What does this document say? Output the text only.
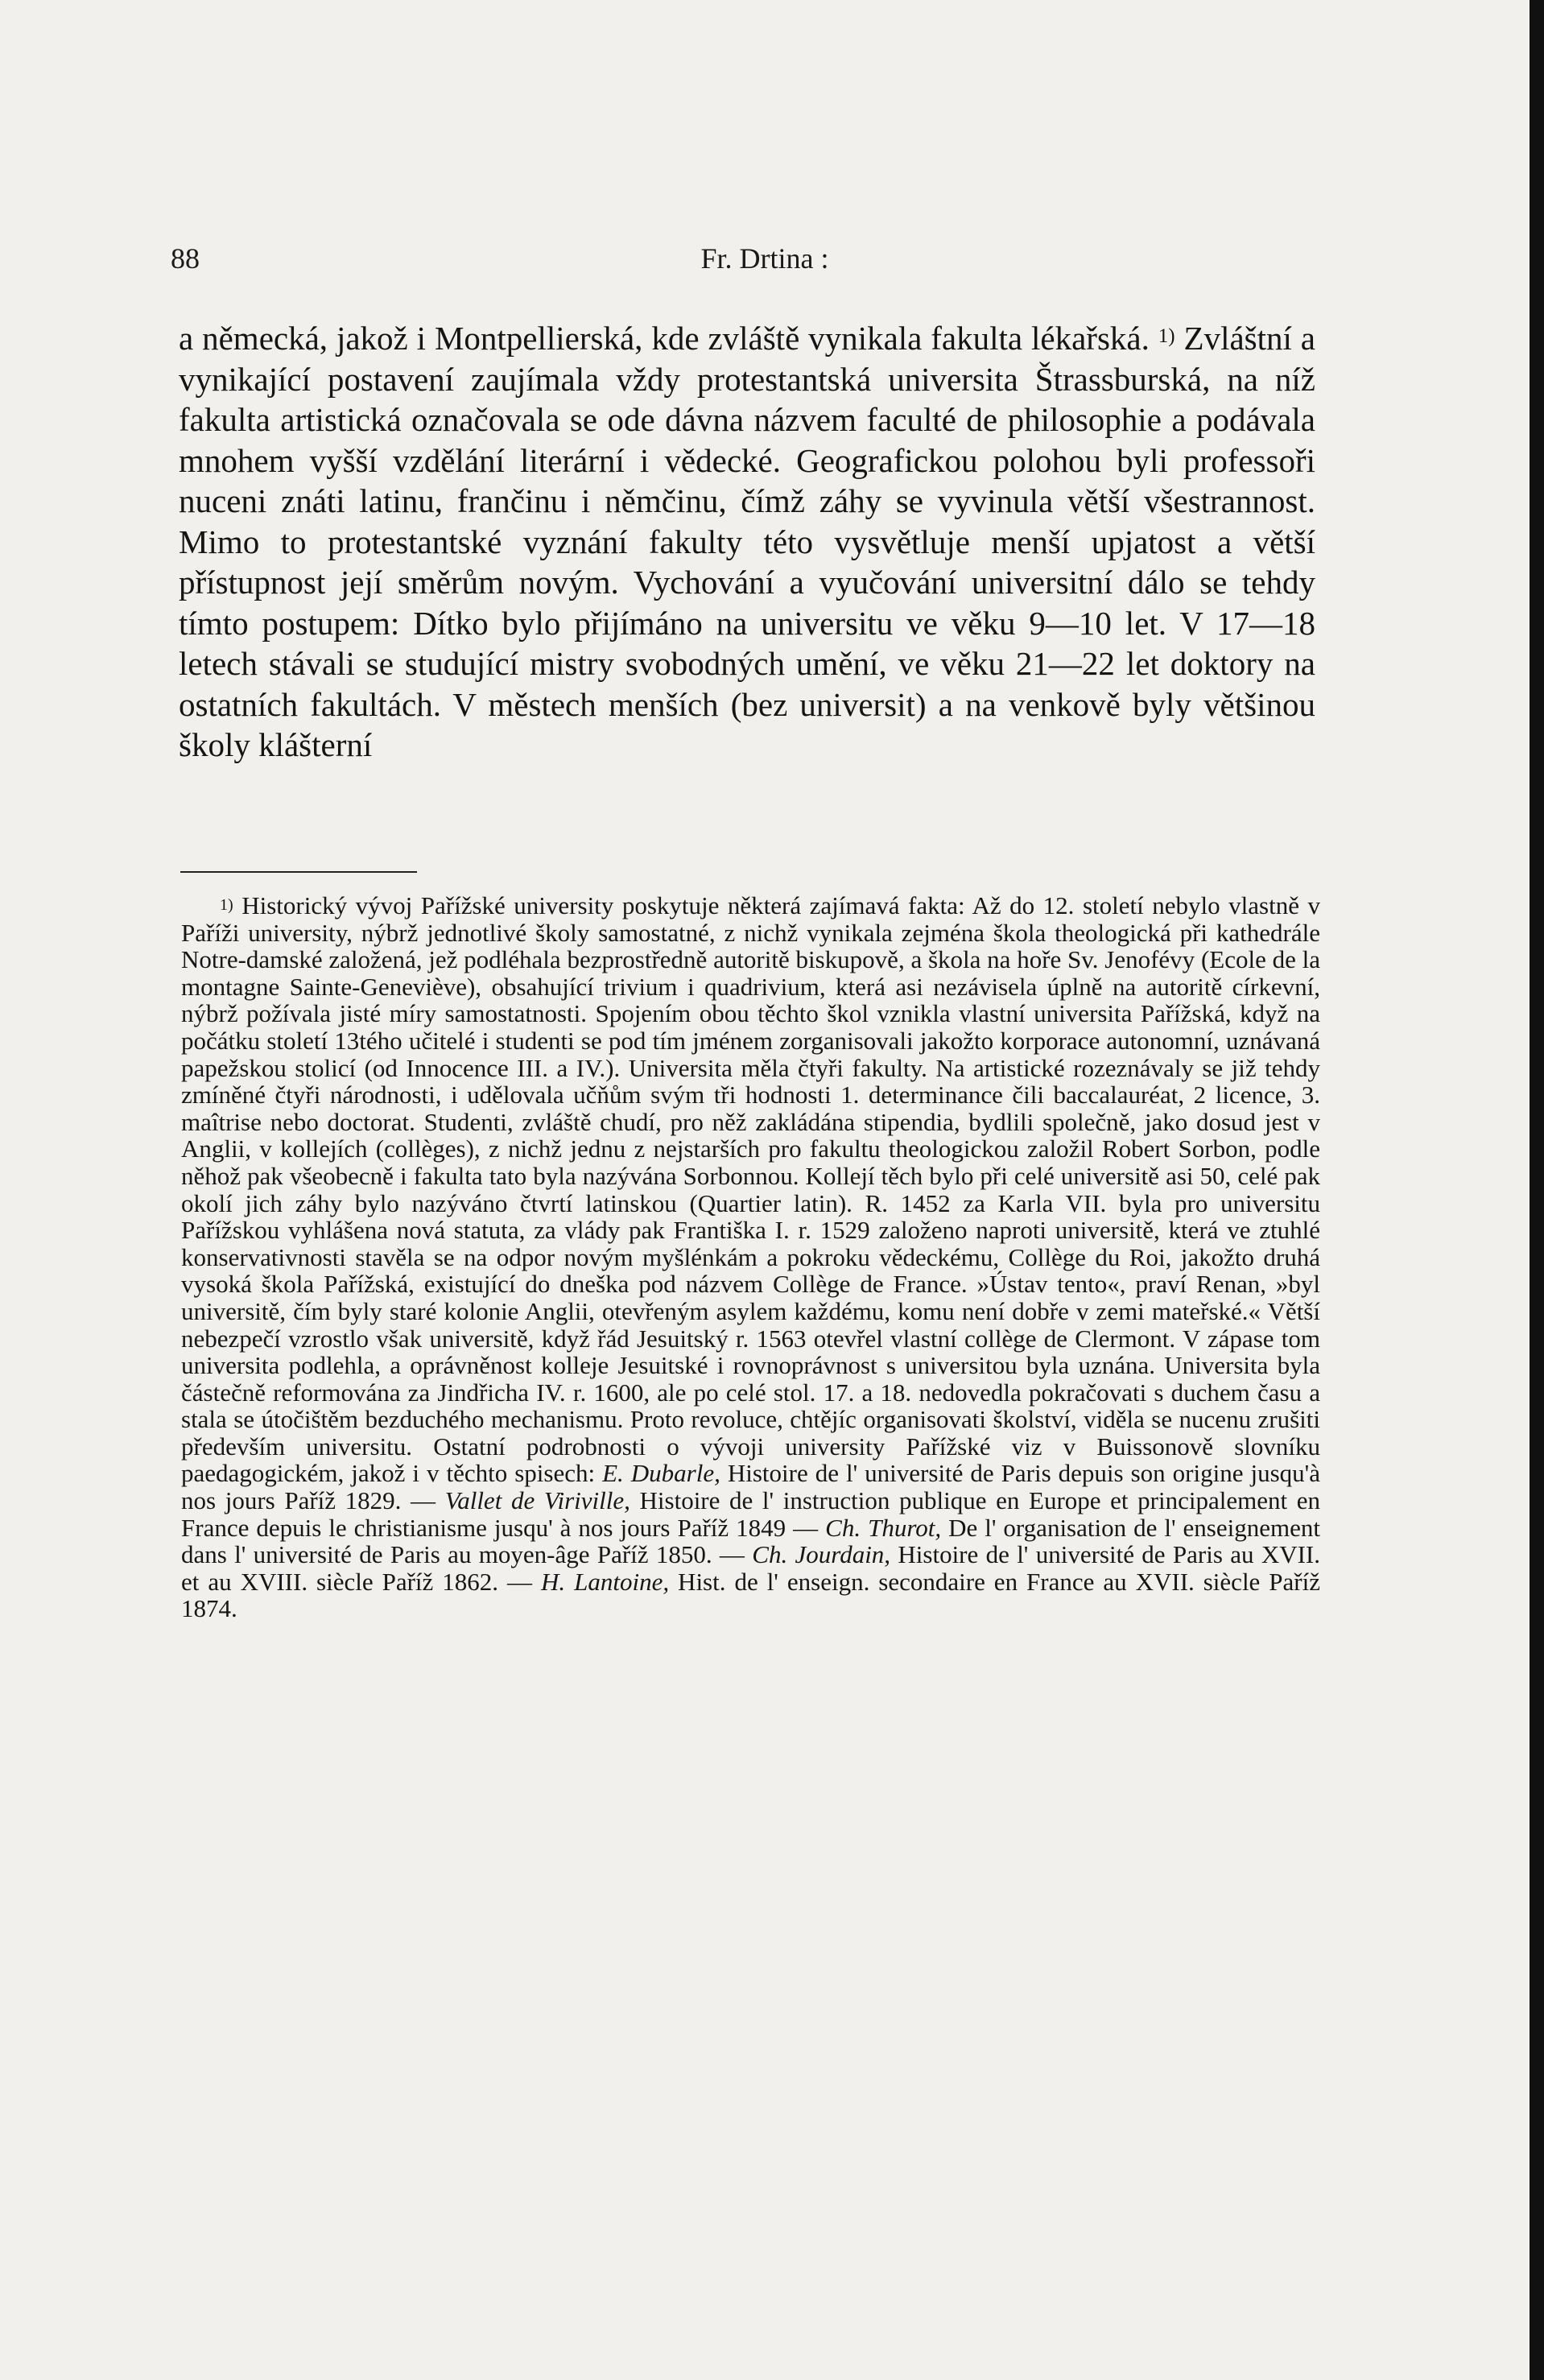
88	Fr. Drtina :

a německá, jakož i Montpellierská, kde zvláště vynikala fakulta lékařská. $^{1)}$ Zvláštní a vynikající postavení zaujímala vždy protestantská universita Štrassburská, na níž fakulta artistická označovala se ode dávna názvem faculté de philosophie a podávala mnohem vyšší vzdělání literární i vědecké. Geografickou polohou byli professoři nuceni znáti latinu, frančinu i němčinu, čímž záhy se vyvinula větší všestrannost. Mimo to protestantské vyznání fakulty této vysvětluje menší upjatost a větší přístupnost její směrům novým. Vychování a vyučování universitní dálo se tehdy tímto postupem: Dítko bylo přijímáno na universitu ve věku 9—10 let. V 17—18 letech stávali se studující mistry svobodných umění, ve věku 21—22 let doktory na ostatních fakultách. V městech menších (bez universit) a na venkově byly většinou školy klášterní

$^{1)}$ Historický vývoj Pařížské university poskytuje některá zajímavá fakta: Až do 12. století nebylo vlastně v Paříži university, nýbrž jednotlivé školy samostatné, z nichž vynikala zejména škola theologická při kathedrále Notre-damské založená, jež podléhala bezprostředně autoritě biskupově, a škola na hoře Sv. Jenofévy (Ecole de la montagne Sainte-Geneviève), obsahující trivium i quadrivium, která asi nezávisela úplně na autoritě církevní, nýbrž požívala jisté míry samostatnosti. Spojením obou těchto škol vznikla vlastní universita Pařížská, když na počátku století 13tého učitelé i studenti se pod tím jménem zorganisovali jakožto korporace autonomní, uznávaná papežskou stolicí (od Innocence III. a IV.). Universita měla čtyři fakulty. Na artistické rozeznávaly se již tehdy zmíněné čtyři národnosti, i udělovala učňům svým tři hodnosti 1. determinance čili baccalauréat, 2 licence, 3. maîtrise nebo doctorat. Studenti, zvláště chudí, pro něž zakládána stipendia, bydlili společně, jako dosud jest v Anglii, v kollejích (collèges), z nichž jednu z nejstarších pro fakultu theologickou založil Robert Sorbon, podle něhož pak všeobecně i fakulta tato byla nazývána Sorbonnou. Kollejí těch bylo při celé universitě asi 50, celé pak okolí jich záhy bylo nazýváno čtvrtí latinskou (Quartier latin). R. 1452 za Karla VII. byla pro universitu Pařížskou vyhlášena nová statuta, za vlády pak Františka I. r. 1529 založeno naproti universitě, která ve ztuhlé konservativnosti stavěla se na odpor novým myšlénkám a pokroku vědeckému, Collège du Roi, jakožto druhá vysoká škola Pařížská, existující do dneška pod názvem Collège de France. »Ústav tento«, praví Renan, »byl universitě, čím byly staré kolonie Anglii, otevřeným asylem každému, komu není dobře v zemi mateřské.« Větší nebezpečí vzrostlo však universitě, když řád Jesuitský r. 1563 otevřel vlastní collège de Clermont. V zápase tom universita podlehla, a oprávněnost kolleje Jesuitské i rovnoprávnost s universitou byla uznána. Universita byla částečně reformována za Jindřicha IV. r. 1600, ale po celé stol. 17. a 18. nedovedla pokračovati s duchem času a stala se útočištěm bezduchého mechanismu. Proto revoluce, chtějíc organisovati školství, viděla se nucenu zrušiti především universitu. Ostatní podrobnosti o vývoji university Pařížské viz v Buissonově slovníku paedagogickém, jakož i v těchto spisech: E. Dubarle, Histoire de l' université de Paris depuis son origine jusqu'à nos jours Paříž 1829. — Vallet de Viriville, Histoire de l' instruction publique en Europe et principalement en France depuis le christianisme jusqu' à nos jours Paříž 1849 — Ch. Thurot, De l' organisation de l' enseignement dans l' université de Paris au moyen-âge Paříž 1850. — Ch. Jourdain, Histoire de l' université de Paris au XVII. et au XVIII. siècle Paříž 1862. — H. Lantoine, Hist. de l' enseign. secondaire en France au XVII. siècle Paříž 1874.
